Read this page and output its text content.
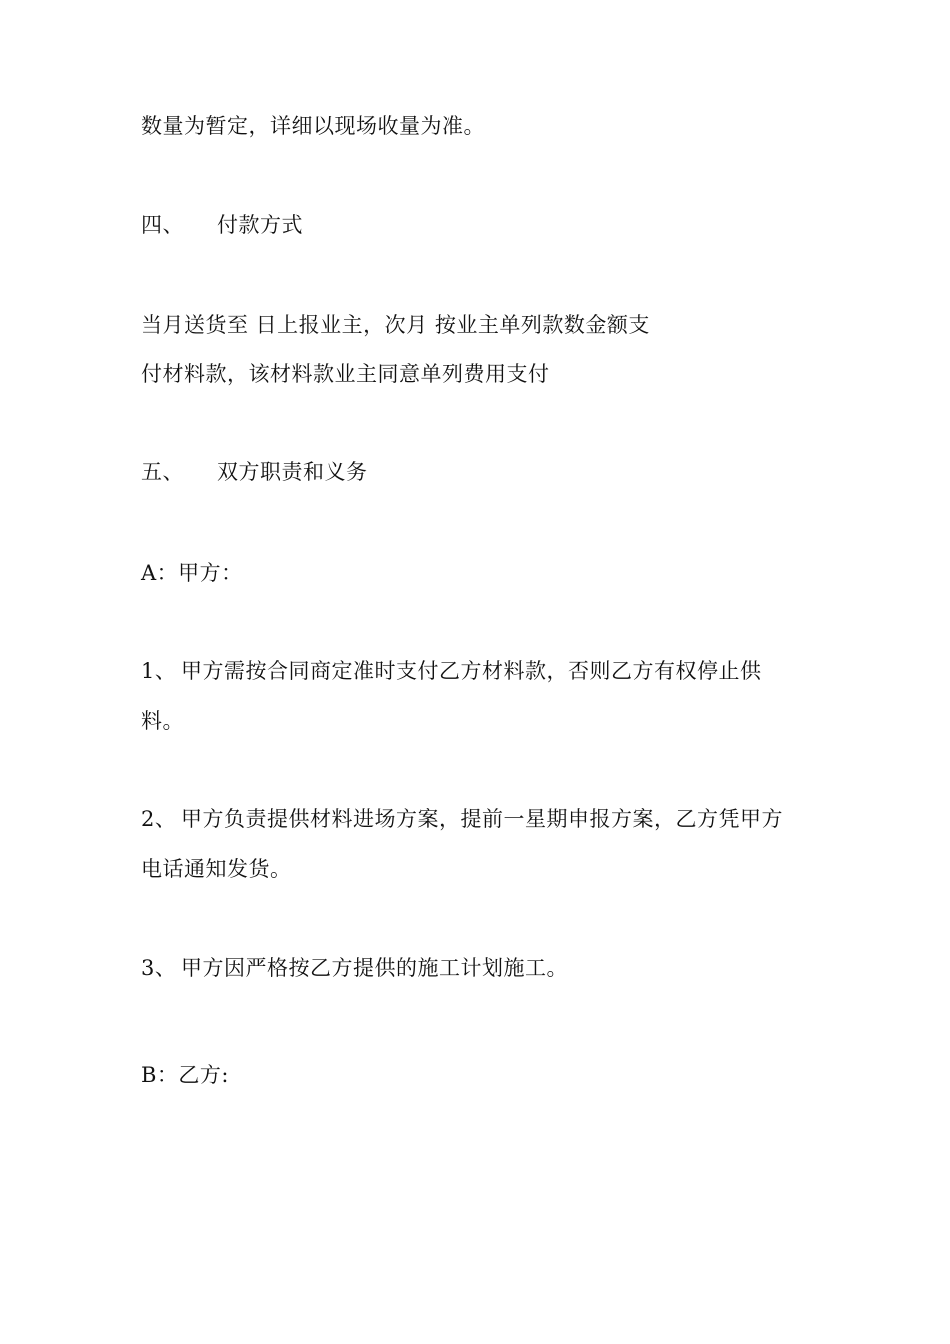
数量为暂定，详细以现场收量为准。
四、 付款方式
当月送货至 日上报业主，次月 按业主单列款数金额支
付材料款，该材料款业主同意单列费用支付
五、 双方职责和义务
A：甲方：
1、 甲方需按合同商定准时支付乙方材料款，否则乙方有权停止供
料。
2、 甲方负责提供材料进场方案，提前一星期申报方案，乙方凭甲方
电话通知发货。
3、 甲方因严格按乙方提供的施工计划施工。
B：乙方:
